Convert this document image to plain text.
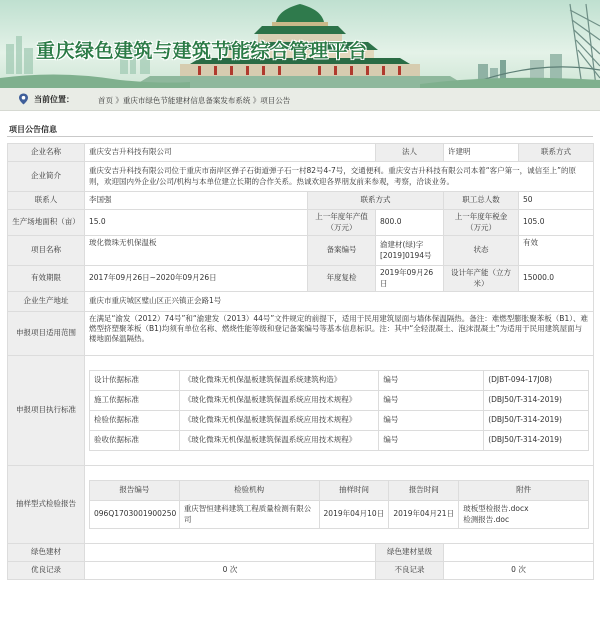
重庆绿色建筑与建筑节能综合管理平台
当前位置：	首页 》重庆市绿色节能建材信息备案发布系统 》项目公告
项目公告信息
企业名称	重庆安吉升科技有限公司	法人	许建明	联系方式
企业简介	重庆安吉升科技有限公司位于重庆市南岸区弹子石街道弹子石一村82号4-7号，交通便利。重庆安吉升科技有限公司本着“客户第一，诚信至上”的原则，欢迎国内外企业/公司/机构与本单位建立长期的合作关系。热诚欢迎各界朋友前来参观，考察，洽谈业务。
联系人	李国强	联系方式	职工总人数	50
生产场地面积（亩）	15.0	上一年度年产值（万元）	800.0	上一年度年税金（万元）	105.0
项目名称	玻化微珠无机保温板	备案编号	渝建材(绿)字[2019]0194号	状态	有效
有效期限	2017年09月26日~2020年09月26日	年度复检	2019年09月26日	设计年产能（立方米）	15000.0
企业生产地址	重庆市重庆城区璧山区正兴镇正会路1号
申报项目适用范围	在满足“渝发（2012）74号”和“渝建发（2013）44号”文件规定的前提下，适用于民用建筑屋面与墙体保温隔热。备注：难燃型膨胀聚苯板（B1）、难燃型挤塑聚苯板（B1)均须有单位名称、燃烧性能等级和登记备案编号等基本信息标识。注：其中“全轻混凝土、泡沫混凝土”为适用于民用建筑屋面与楼地面保温隔热。
申报项目执行标准	
设计依据标准	《玻化微珠无机保温板建筑保温系统建筑构造》	编号	(DJBT-094-17J08)
施工依据标准	《玻化微珠无机保温板建筑保温系统应用技术规程》	编号	(DBJ50/T-314-2019)
检验依据标准	《玻化微珠无机保温板建筑保温系统应用技术规程》	编号	(DBJ50/T-314-2019)
验收依据标准	《玻化微珠无机保温板建筑保温系统应用技术规程》	编号	(DBJ50/T-314-2019)

抽样型式检验报告	
报告编号	检验机构	抽样时间	报告时间	附件
096Q1703001900250	重庆智恒建科建筑工程质量检测有限公司	2019年04月10日	2019年04月21日	
玻板型检报告.docx
检测报告.doc

绿色建材		绿色建材星级	
优良记录	0 次	不良记录	0 次
